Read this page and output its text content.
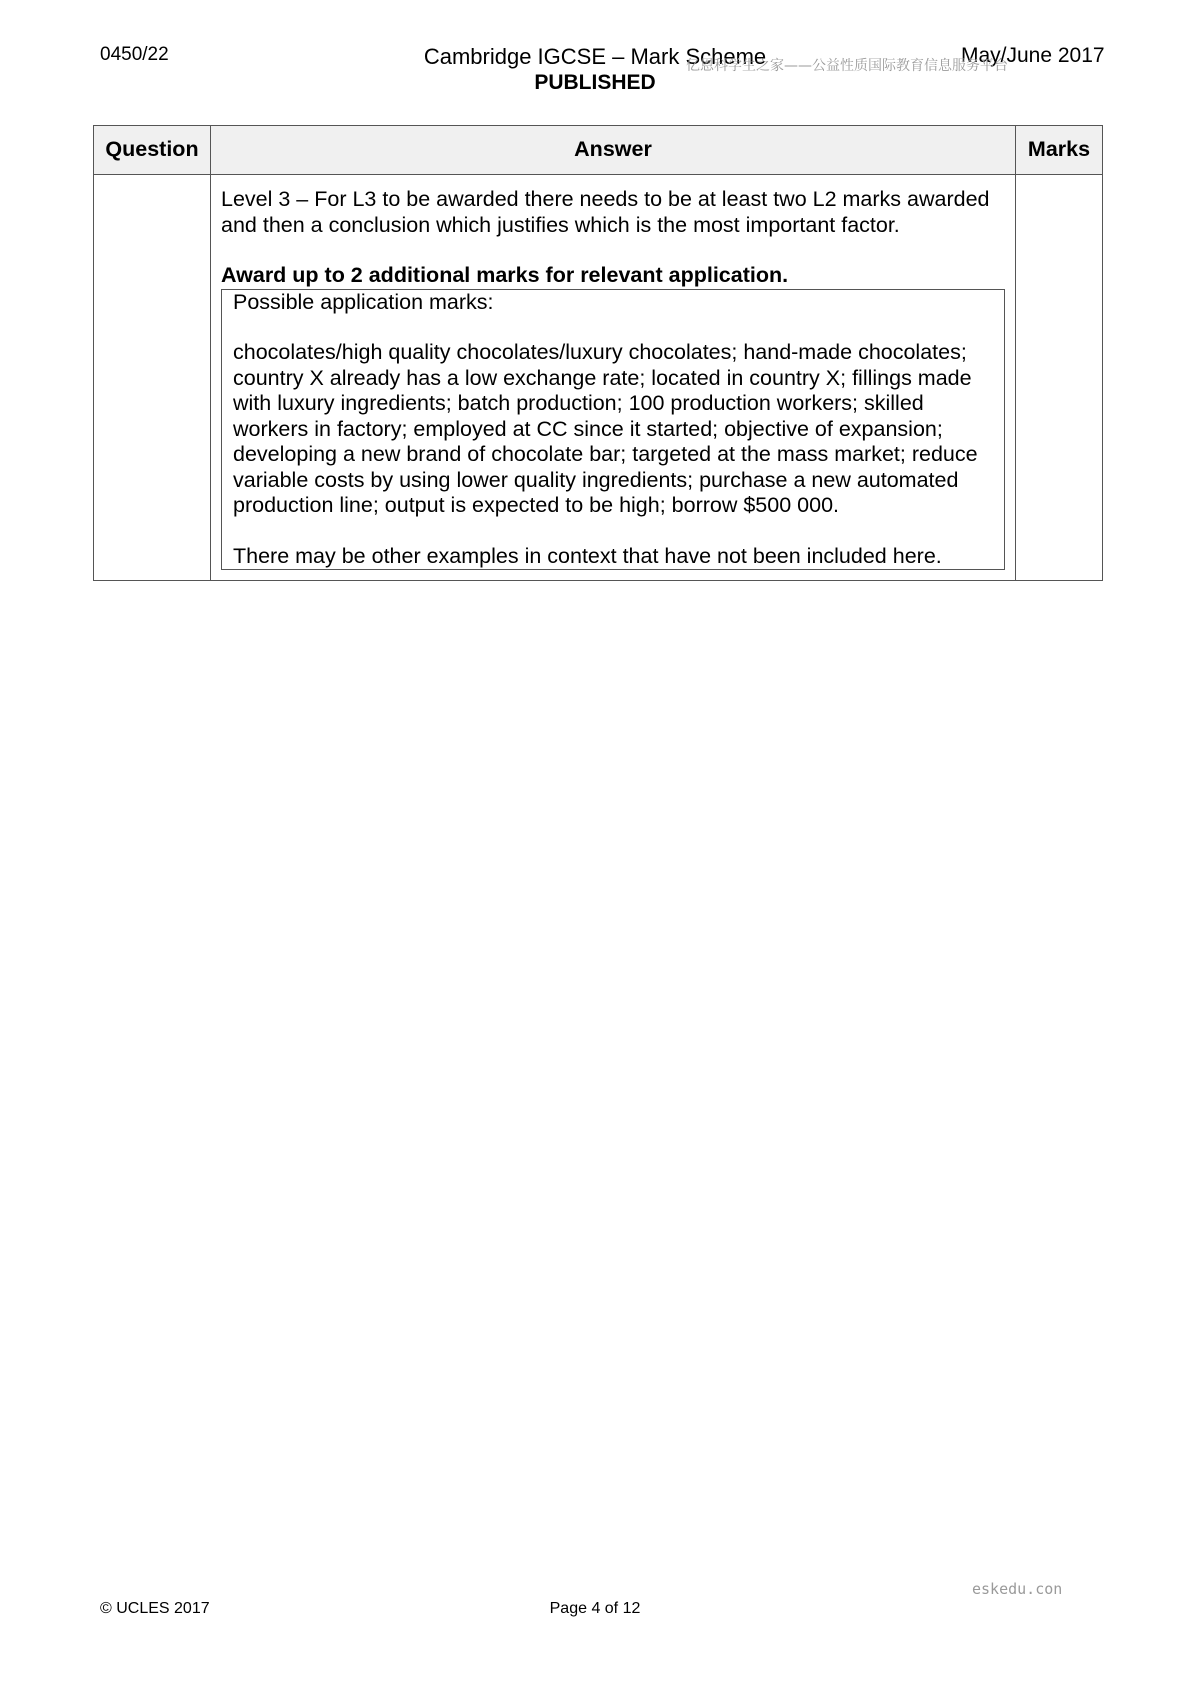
0450/22	Cambridge IGCSE – Mark Scheme
PUBLISHED
May/June 2017
亿恩科学生之家——公益性质国际教育信息服务平台
Question	Answer	Marks

	Level 3 – For L3 to be awarded there needs to be at least two L2 marks awarded and then a conclusion which justifies which is the most important factor.

Award up to 2 additional marks for relevant application.

Possible application marks:

chocolates/high quality chocolates/luxury chocolates; hand-made chocolates; country X already has a low exchange rate; located in country X; fillings made with luxury ingredients; batch production; 100 production workers; skilled workers in factory; employed at CC since it started; objective of expansion; developing a new brand of chocolate bar; targeted at the mass market; reduce variable costs by using lower quality ingredients; purchase a new automated production line; output is expected to be high; borrow $500 000.

There may be other examples in context that have not been included here.	

eskedu.con
© UCLES 2017	Page 4 of 12
